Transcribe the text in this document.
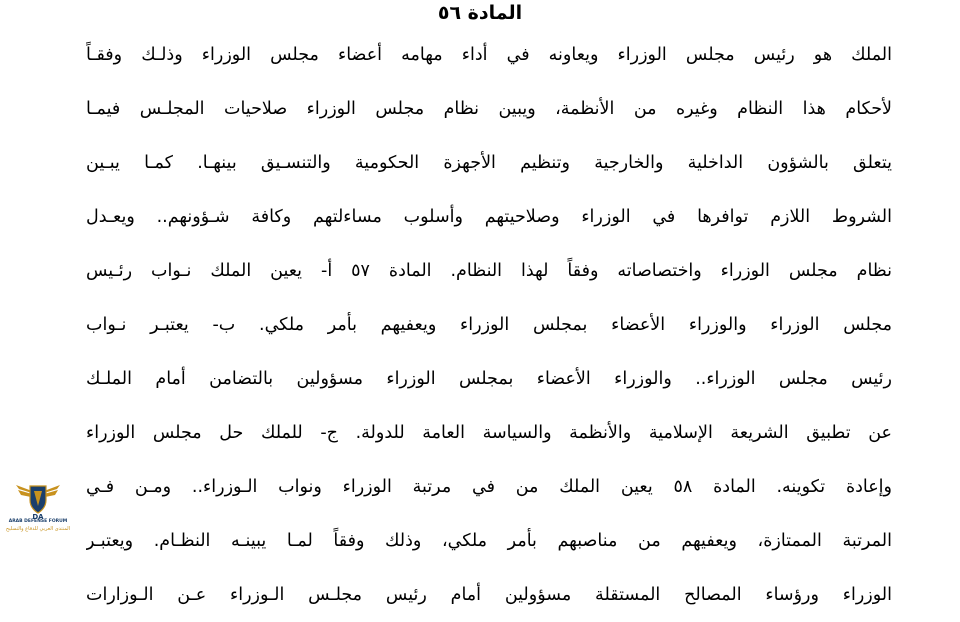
المادة ٥٦
الملك هو رئيس مجلس الوزراء ويعاونه في أداء مهامه أعضاء مجلس الوزراء وذلـك وفقـاً
لأحكام هذا النظام وغيره من الأنظمة، ويبين نظام مجلس الوزراء صلاحيات المجلـس فيمـا
يتعلق بالشؤون الداخلية والخارجية وتنظيم الأجهزة الحكومية والتنسـيق بينهـا. كمـا يبـين
الشروط اللازم توافرها في الوزراء وصلاحيتهم وأسلوب مساءلتهم وكافة شـؤونهم.. ويعـدل
نظام مجلس الوزراء واختصاصاته وفقاً لهذا النظام. المادة ٥٧ أ- يعين الملك نـواب رئـيس
مجلس الوزراء والوزراء الأعضاء بمجلس الوزراء ويعفيهم بأمر ملكي. ب- يعتبـر نـواب
رئيس مجلس الوزراء.. والوزراء الأعضاء بمجلس الوزراء مسؤولين بالتضامن أمام الملـك
عن تطبيق الشريعة الإسلامية والأنظمة والسياسة العامة للدولة. ج- للملك حل مجلس الوزراء
وإعادة تكوينه. المادة ٥٨ يعين الملك من في مرتبة الوزراء ونواب الـوزراء.. ومـن فـي
المرتبة الممتازة، ويعفيهم من مناصبهم بأمر ملكي، وذلك وفقاً لمـا يبينـه النظـام. ويعتبـر
الوزراء ورؤساء المصالح المستقلة مسؤولين أمام رئيس مجلـس الـوزراء عـن الـوزارات
DA
ARAB DEFENSE FORUM
المنتدى العربي للدفاع والتسليح
